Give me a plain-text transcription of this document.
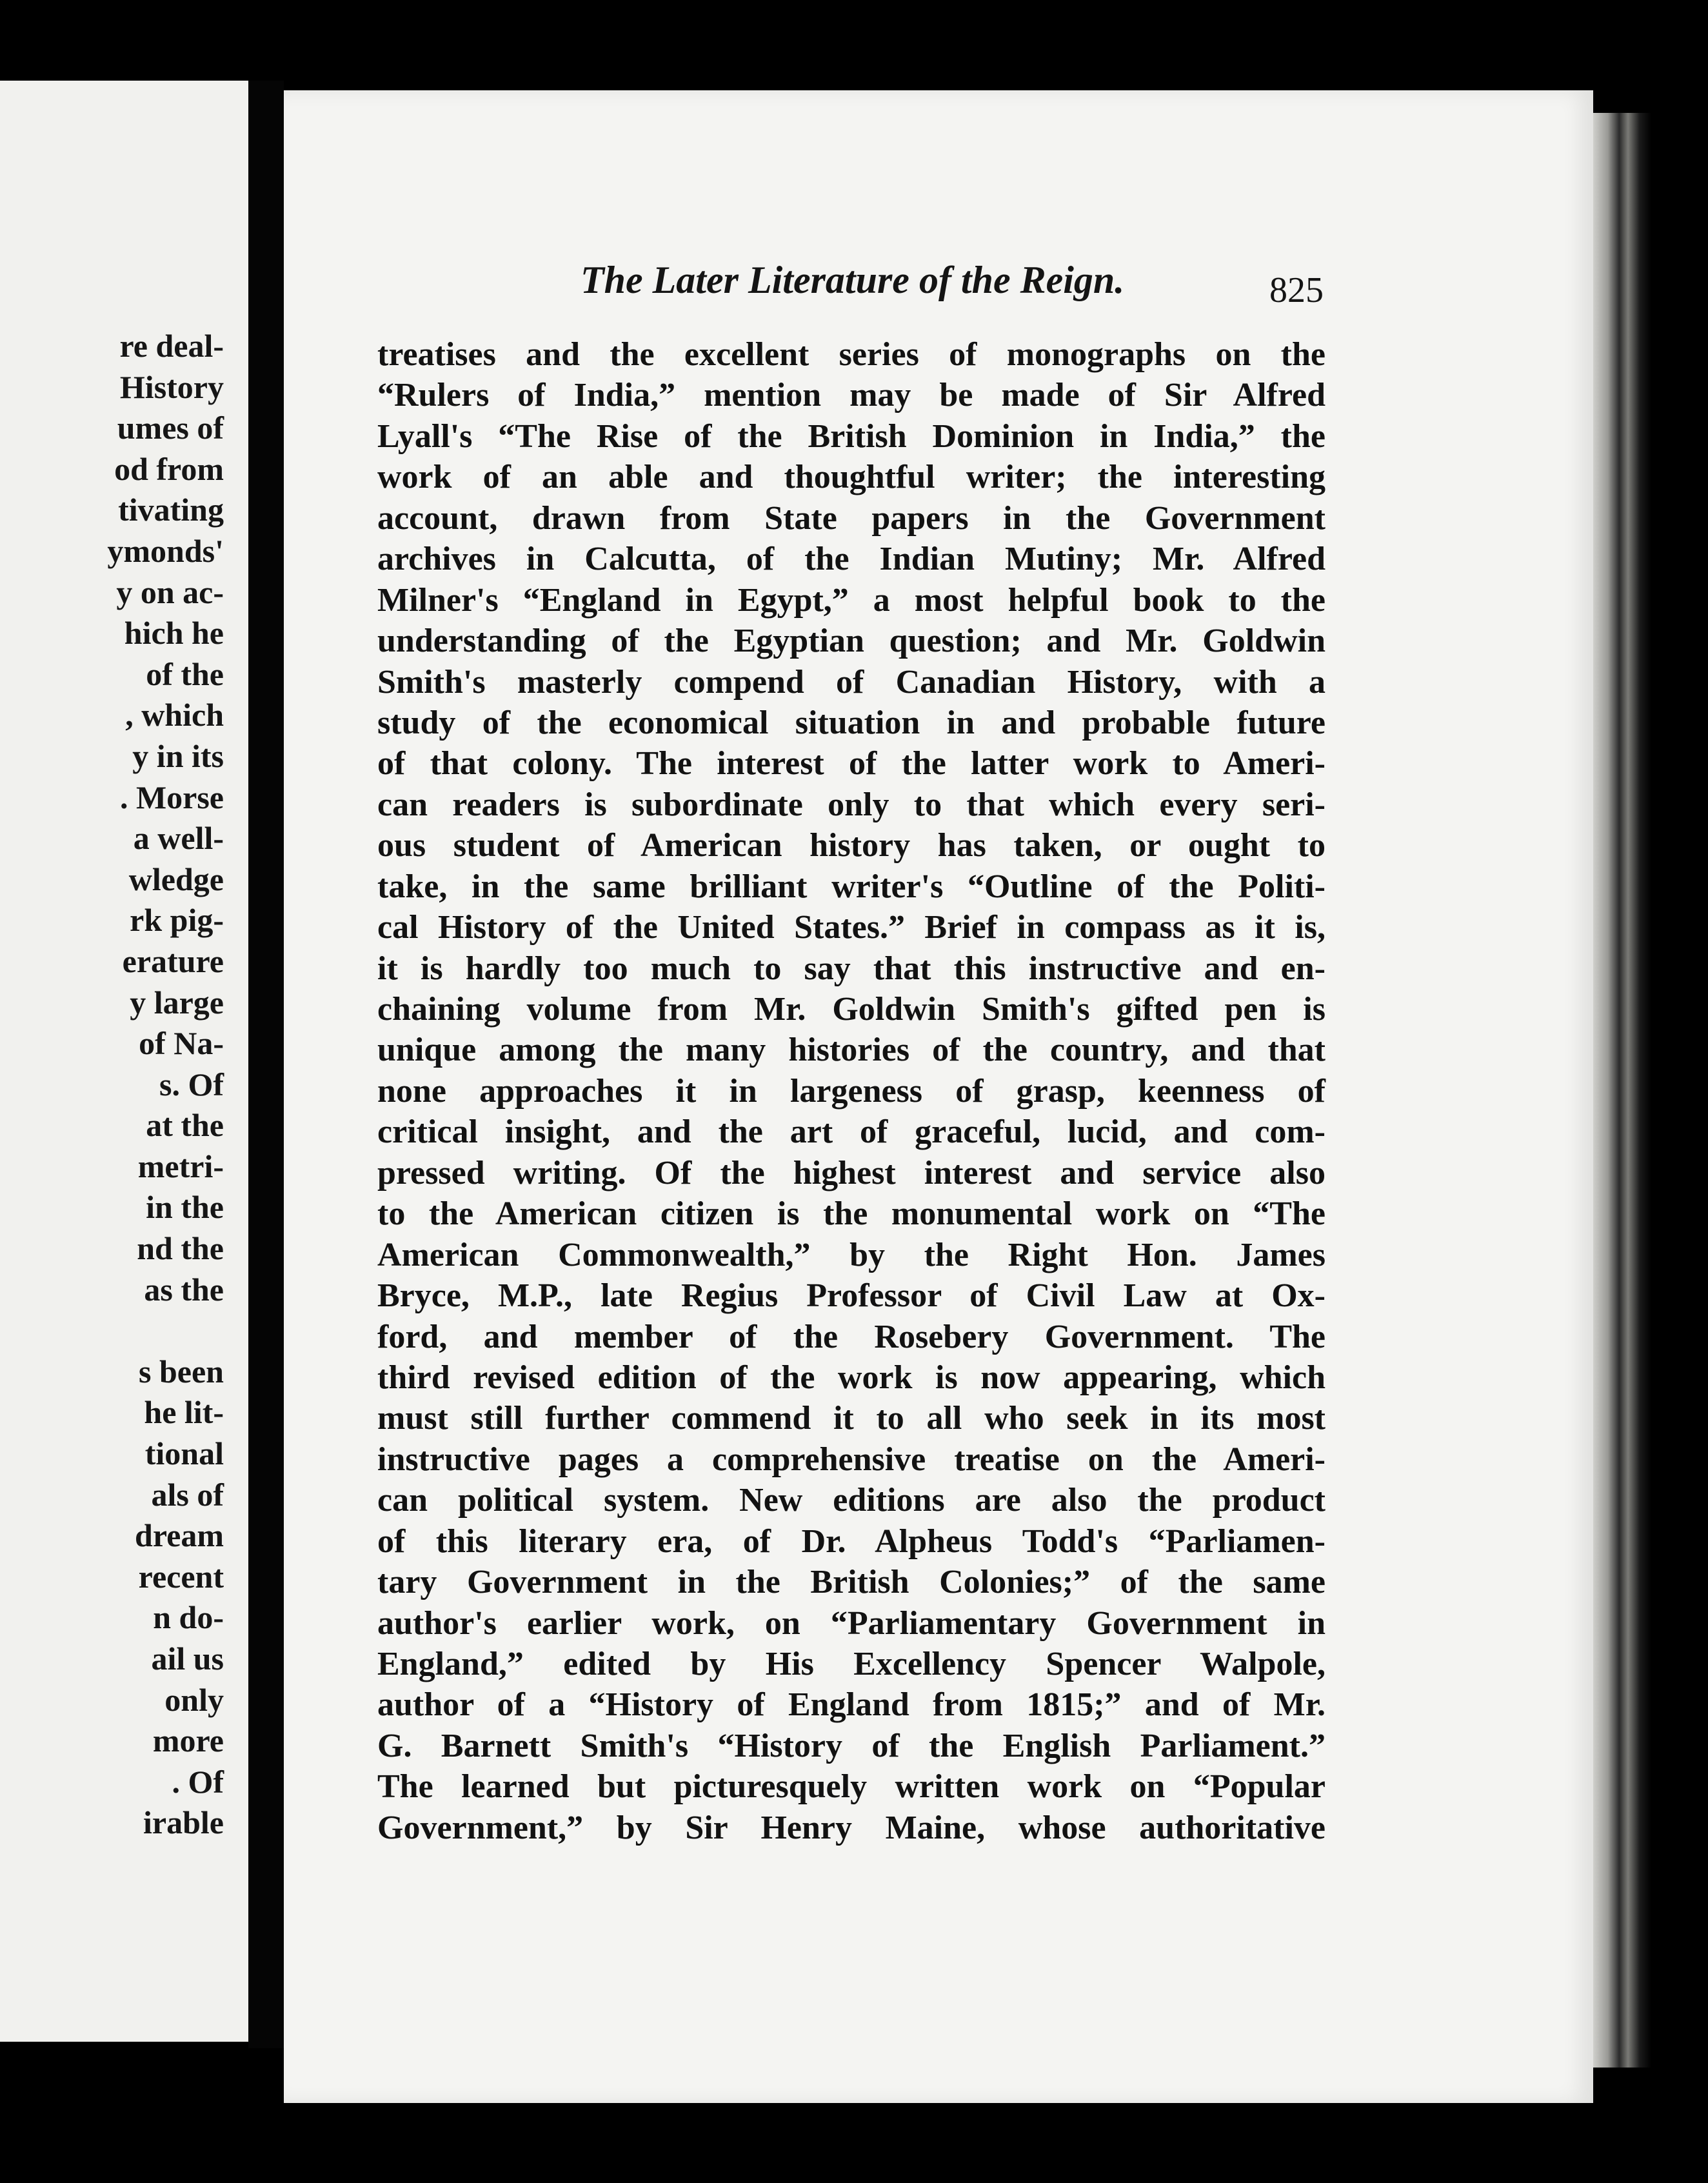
re deal-
History
umes of
od from
tivating
ymonds'
y on ac-
hich he
of the
, which
y in its
. Morse
a well-
wledge
rk pig-
erature
y large
of Na-
s. Of
at the
metri-
in the
nd the
as the
s been
he lit-
tional
als of
dream
recent
n do-
ail us
only
more
. Of
irable
The Later Literature of the Reign.	825
treatises and the excellent series of monographs on the
“Rulers of India,” mention may be made of Sir Alfred
Lyall's “The Rise of the British Dominion in India,” the
work of an able and thoughtful writer; the interesting
account, drawn from State papers in the Government
archives in Calcutta, of the Indian Mutiny; Mr. Alfred
Milner's “England in Egypt,” a most helpful book to the
understanding of the Egyptian question; and Mr. Goldwin
Smith's masterly compend of Canadian History, with a
study of the economical situation in and probable future
of that colony. The interest of the latter work to Ameri-
can readers is subordinate only to that which every seri-
ous student of American history has taken, or ought to
take, in the same brilliant writer's “Outline of the Politi-
cal History of the United States.” Brief in compass as it is,
it is hardly too much to say that this instructive and en-
chaining volume from Mr. Goldwin Smith's gifted pen is
unique among the many histories of the country, and that
none approaches it in largeness of grasp, keenness of
critical insight, and the art of graceful, lucid, and com-
pressed writing. Of the highest interest and service also
to the American citizen is the monumental work on “The
American Commonwealth,” by the Right Hon. James
Bryce, M.P., late Regius Professor of Civil Law at Ox-
ford, and member of the Rosebery Government. The
third revised edition of the work is now appearing, which
must still further commend it to all who seek in its most
instructive pages a comprehensive treatise on the Ameri-
can political system. New editions are also the product
of this literary era, of Dr. Alpheus Todd's “Parliamen-
tary Government in the British Colonies;” of the same
author's earlier work, on “Parliamentary Government in
England,” edited by His Excellency Spencer Walpole,
author of a “History of England from 1815;” and of Mr.
G. Barnett Smith's “History of the English Parliament.”
The learned but picturesquely written work on “Popular
Government,” by Sir Henry Maine, whose authoritative
